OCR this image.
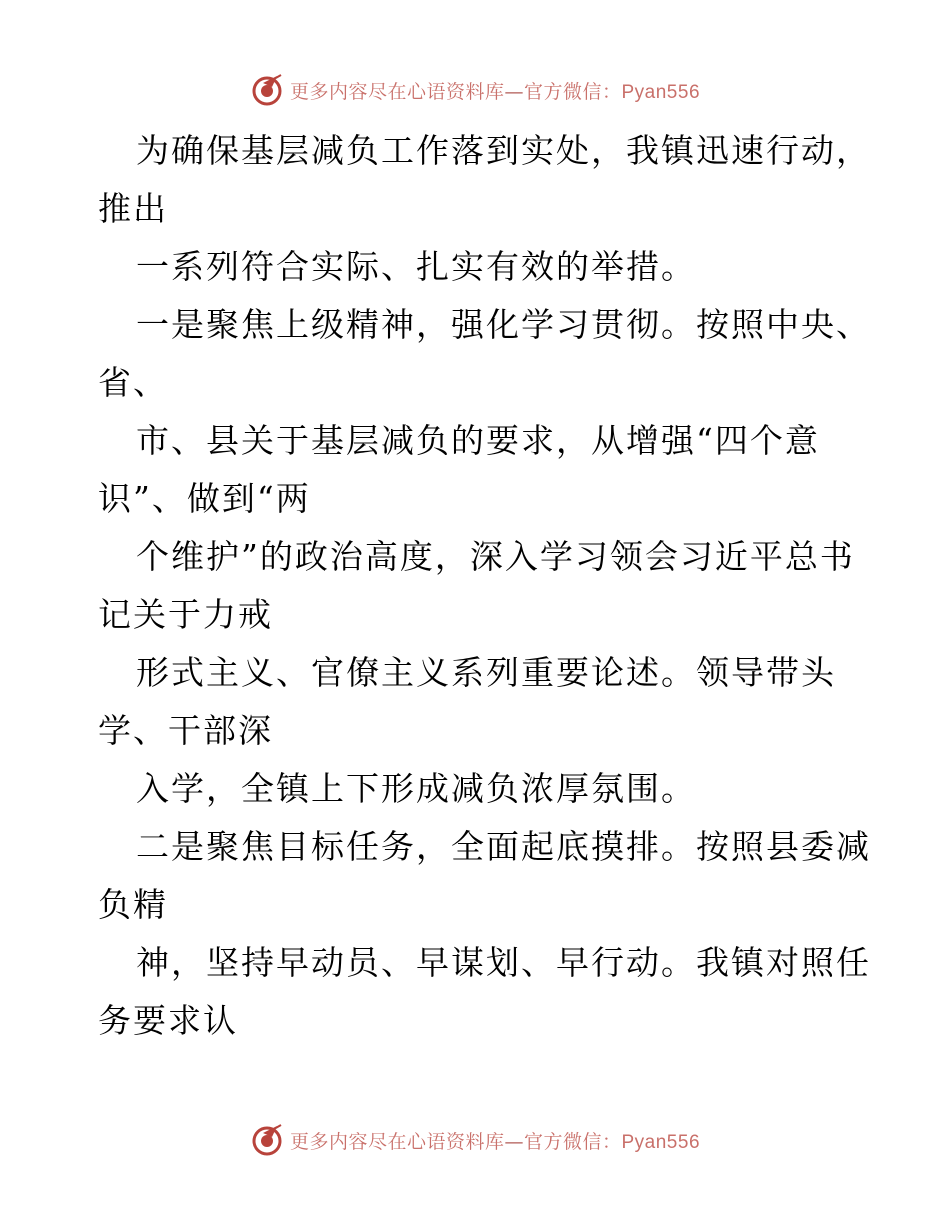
更多内容尽在心语资料库—官方微信：Pyan556
为确保基层减负工作落到实处，我镇迅速行动，
推出
一系列符合实际、扎实有效的举措。
一是聚焦上级精神，强化学习贯彻。按照中央、
省、
市、县关于基层减负的要求，从增强“四个意
识”、做到“两
个维护”的政治高度，深入学习领会习近平总书
记关于力戒
形式主义、官僚主义系列重要论述。领导带头
学、干部深
入学，全镇上下形成减负浓厚氛围。
二是聚焦目标任务，全面起底摸排。按照县委减
负精
神，坚持早动员、早谋划、早行动。我镇对照任
务要求认
更多内容尽在心语资料库—官方微信：Pyan556
